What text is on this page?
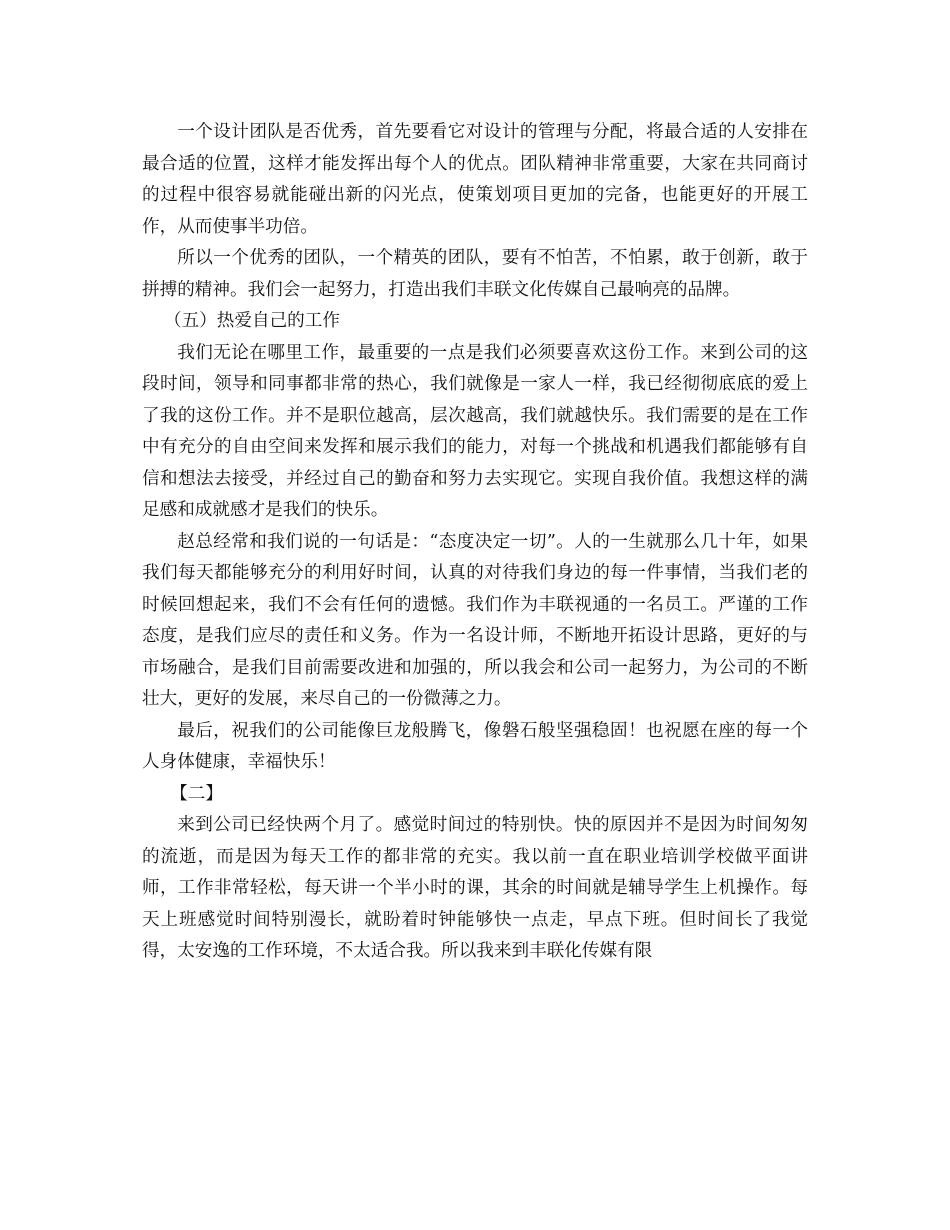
一个设计团队是否优秀，首先要看它对设计的管理与分配，将最合适的人安排在最合适的位置，这样才能发挥出每个人的优点。团队精神非常重要，大家在共同商讨的过程中很容易就能碰出新的闪光点，使策划项目更加的完备，也能更好的开展工作，从而使事半功倍。

所以一个优秀的团队，一个精英的团队，要有不怕苦，不怕累，敢于创新，敢于拼搏的精神。我们会一起努力，打造出我们丰联文化传媒自己最响亮的品牌。

（五）热爱自己的工作

我们无论在哪里工作，最重要的一点是我们必须要喜欢这份工作。来到公司的这段时间，领导和同事都非常的热心，我们就像是一家人一样，我已经彻彻底底的爱上了我的这份工作。并不是职位越高，层次越高，我们就越快乐。我们需要的是在工作中有充分的自由空间来发挥和展示我们的能力，对每一个挑战和机遇我们都能够有自信和想法去接受，并经过自己的勤奋和努力去实现它。实现自我价值。我想这样的满足感和成就感才是我们的快乐。

赵总经常和我们说的一句话是：“态度决定一切”。人的一生就那么几十年，如果我们每天都能够充分的利用好时间，认真的对待我们身边的每一件事情，当我们老的时候回想起来，我们不会有任何的遗憾。我们作为丰联视通的一名员工。严谨的工作态度，是我们应尽的责任和义务。作为一名设计师，不断地开拓设计思路，更好的与市场融合，是我们目前需要改进和加强的，所以我会和公司一起努力，为公司的不断壮大，更好的发展，来尽自己的一份微薄之力。

最后，祝我们的公司能像巨龙般腾飞，像磐石般坚强稳固！也祝愿在座的每一个人身体健康，幸福快乐！

【二】

来到公司已经快两个月了。感觉时间过的特别快。快的原因并不是因为时间匆匆的流逝，而是因为每天工作的都非常的充实。我以前一直在职业培训学校做平面讲师，工作非常轻松，每天讲一个半小时的课，其余的时间就是辅导学生上机操作。每天上班感觉时间特别漫长，就盼着时钟能够快一点走，早点下班。但时间长了我觉得，太安逸的工作环境，不太适合我。所以我来到丰联化传媒有限
